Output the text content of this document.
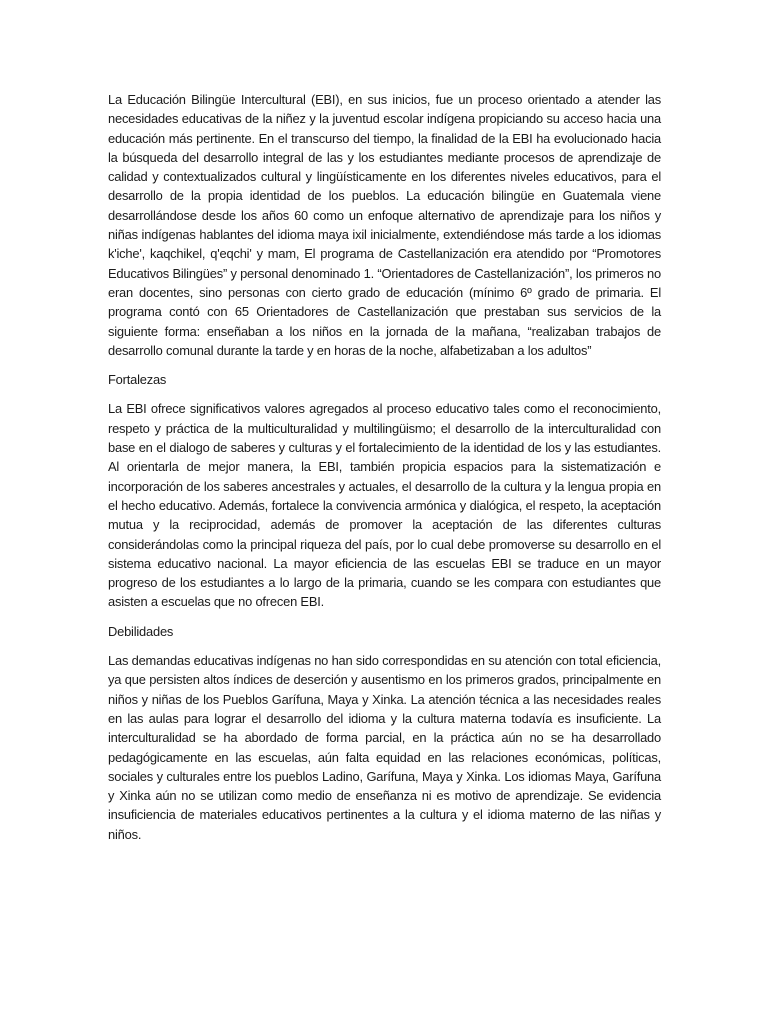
La Educación Bilingüe Intercultural (EBI), en sus inicios, fue un proceso orientado a atender las necesidades educativas de la niñez y la juventud escolar indígena propiciando su acceso hacia una educación más pertinente. En el transcurso del tiempo, la finalidad de la EBI ha evolucionado hacia la búsqueda del desarrollo integral de las y los estudiantes mediante procesos de aprendizaje de calidad y contextualizados cultural y lingüísticamente en los diferentes niveles educativos, para el desarrollo de la propia identidad de los pueblos. La educación bilingüe en Guatemala viene desarrollándose desde los años 60 como un enfoque alternativo de aprendizaje para los niños y niñas indígenas hablantes del idioma maya ixil inicialmente, extendiéndose más tarde a los idiomas k'iche', kaqchikel, q'eqchi' y mam, El programa de Castellanización era atendido por “Promotores Educativos Bilingües” y personal denominado 1. “Orientadores de Castellanización”, los primeros no eran docentes, sino personas con cierto grado de educación (mínimo 6º grado de primaria. El programa contó con 65 Orientadores de Castellanización que prestaban sus servicios de la siguiente forma: enseñaban a los niños en la jornada de la mañana, “realizaban trabajos de desarrollo comunal durante la tarde y en horas de la noche, alfabetizaban a los adultos”

Fortalezas

La EBI ofrece significativos valores agregados al proceso educativo tales como el reconocimiento, respeto y práctica de la multiculturalidad y multilingüismo; el desarrollo de la interculturalidad con base en el dialogo de saberes y culturas y el fortalecimiento de la identidad de los y las estudiantes. Al orientarla de mejor manera, la EBI, también propicia espacios para la sistematización e incorporación de los saberes ancestrales y actuales, el desarrollo de la cultura y la lengua propia en el hecho educativo. Además, fortalece la convivencia armónica y dialógica, el respeto, la aceptación mutua y la reciprocidad, además de promover la aceptación de las diferentes culturas considerándolas como la principal riqueza del país, por lo cual debe promoverse su desarrollo en el sistema educativo nacional. La mayor eficiencia de las escuelas EBI se traduce en un mayor progreso de los estudiantes a lo largo de la primaria, cuando se les compara con estudiantes que asisten a escuelas que no ofrecen EBI.

Debilidades

Las demandas educativas indígenas no han sido correspondidas en su atención con total eficiencia, ya que persisten altos índices de deserción y ausentismo en los primeros grados, principalmente en niños y niñas de los Pueblos Garífuna, Maya y Xinka. La atención técnica a las necesidades reales en las aulas para lograr el desarrollo del idioma y la cultura materna todavía es insuficiente. La interculturalidad se ha abordado de forma parcial, en la práctica aún no se ha desarrollado pedagógicamente en las escuelas, aún falta equidad en las relaciones económicas, políticas, sociales y culturales entre los pueblos Ladino, Garífuna, Maya y Xinka. Los idiomas Maya, Garífuna y Xinka aún no se utilizan como medio de enseñanza ni es motivo de aprendizaje. Se evidencia insuficiencia de materiales educativos pertinentes a la cultura y el idioma materno de las niñas y niños.
